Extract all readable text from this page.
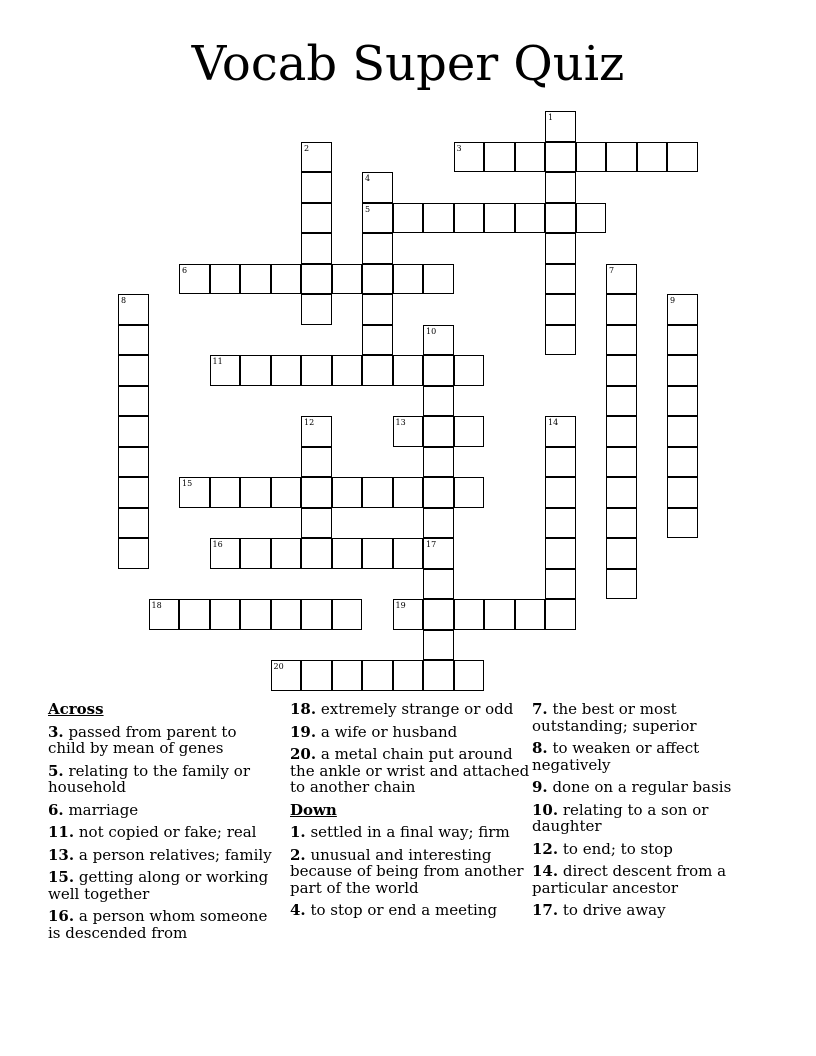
Vocab Super Quiz
1
2	3
4
5
6	7
8	9
10
17
11
12	13	14
15
16
18	19
20
Across
3. passed from parent to child by mean of genes
5. relating to the family or household
6. marriage
11. not copied or fake; real
13. a person relatives; family
15. getting along or working well together
16. a person whom someone is descended from
18. extremely strange or odd
19. a wife or husband
20. a metal chain put around the ankle or wrist and attached to another chain
Down
1. settled in a final way; firm
2. unusual and interesting because of being from another part of the world
4. to stop or end a meeting
7. the best or most outstanding; superior
8. to weaken or affect negatively
9. done on a regular basis
10. relating to a son or daughter
12. to end; to stop
14. direct descent from a particular ancestor
17. to drive away
